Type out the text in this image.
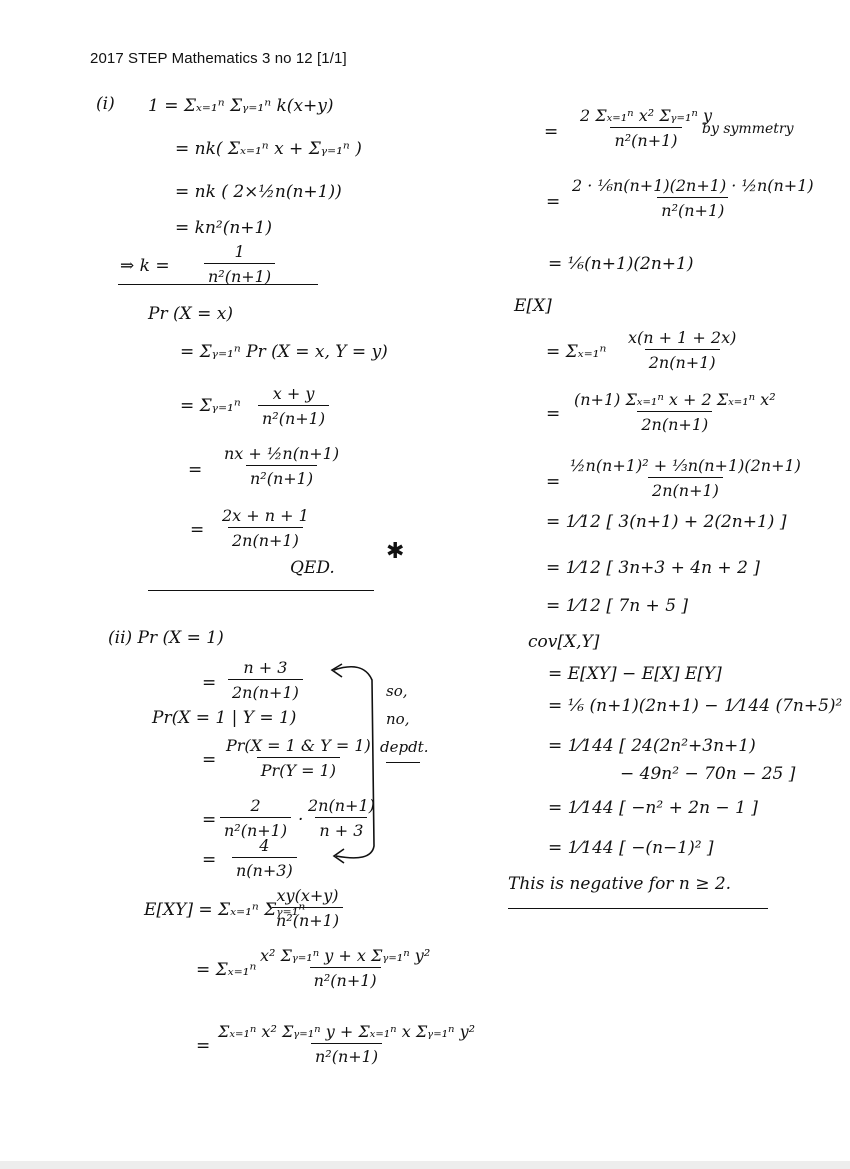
2017 STEP Mathematics 3 no 12 [1/1]
(i) 1 = Σₓ₌₁ⁿ Σᵧ₌₁ⁿ k(x+y)
= nk( Σₓ₌₁ⁿ x + Σᵧ₌₁ⁿ )
= nk ( 2×½n(n+1))
= kn²(n+1)
⇒ $k = \frac{1}{\text{n²(n+1)}}$
Pr (X = x)
= Σᵧ₌₁ⁿ Pr (X = x, Y = y)
= Σᵧ₌₁ⁿ $\frac{x + y}{\text{n²(n+1)}}$
= $\frac{\text{nx + ½n(n+1)}}{\text{n²(n+1)}}$
= $\frac{2x + n + 1}{2n(n+1)}$
QED.
✱
(ii) Pr (X = 1)
= $\frac{n + 3}{2n(n+1)}$
Pr(X = 1 | Y = 1)
= $\frac{Pr(X = 1 \& Y = 1)}{Pr(Y = 1)}$
= $\frac{2}{\text{n²(n+1)}} \cdot \frac{2n(n+1)}{n + 3}$
= $\frac{4}{n(n+3)}$
so,
no,
depdt.
E[XY] = Σₓ₌₁ⁿ Σᵧ₌₁ⁿ
$\frac{xy(x+y)}{\text{n²(n+1)}}$
= $\Sigma_{x=1}^n \frac{\text{x² Σᵧ₌₁ⁿ y + x Σᵧ₌₁ⁿ y²}}{\text{n²(n+1)}}$
= $\frac{\text{Σₓ₌₁ⁿ x² Σᵧ₌₁ⁿ y + Σₓ₌₁ⁿ x Σᵧ₌₁ⁿ y²}}{\text{n²(n+1)}}$
= $\frac{\text{2 Σₓ₌₁ⁿ x² Σᵧ₌₁ⁿ y}}{\text{n²(n+1)}}$
by symmetry
= $\frac{\text{2 · ⅙n(n+1)(2n+1) · ½n(n+1)}}{\text{n²(n+1)}}$
= ⅙(n+1)(2n+1)
E[X]
= $\Sigma_{x=1}^n \frac{x(n + 1 + 2x)}{2n(n+1)}$
= $\frac{\text{(n+1) Σₓ₌₁ⁿ x + 2 Σₓ₌₁ⁿ x²}}{2n(n+1)}$
= $\frac{\text{½n(n+1)² + ⅓n(n+1)(2n+1)}}{2n(n+1)}$
= 1⁄12 [ 3(n+1) + 2(2n+1) ]
= 1⁄12 [ 3n+3 + 4n + 2 ]
= 1⁄12 [ 7n + 5 ]
cov[X,Y]
= E[XY] − E[X] E[Y]
= ⅙ (n+1)(2n+1) − 1⁄144 (7n+5)²
= 1⁄144 [ 24(2n²+3n+1)
− 49n² − 70n − 25 ]
= 1⁄144 [ −n² + 2n − 1 ]
= 1⁄144 [ −(n−1)² ]
This is negative for n ≥ 2.
